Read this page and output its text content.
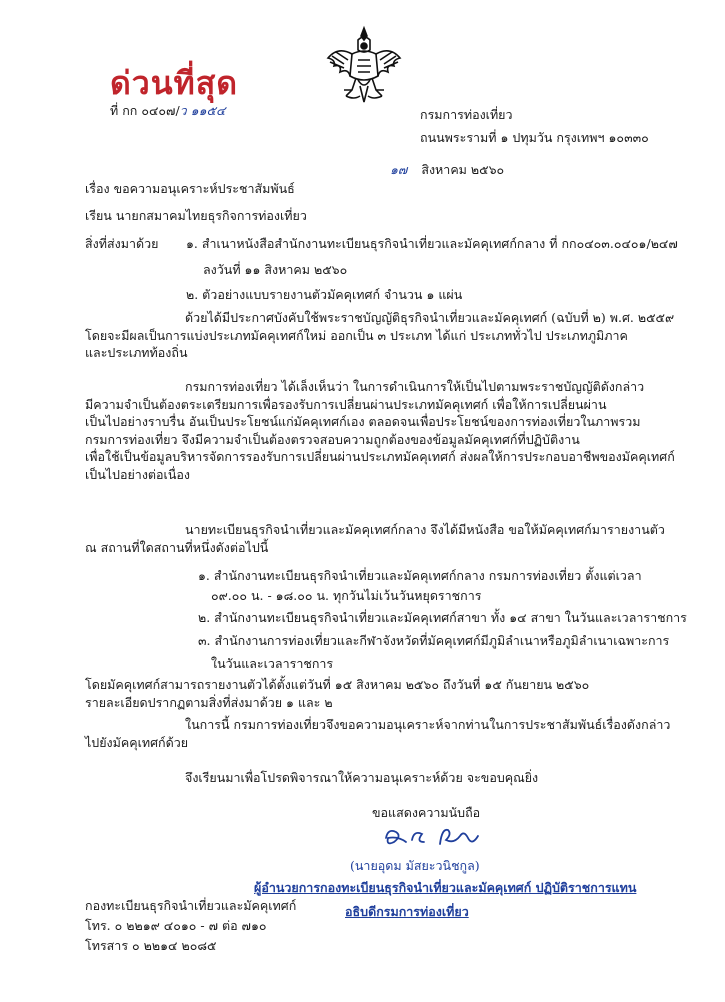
ด่วนที่สุด
ที่ กก ๐๔๐๗/ว ๑๑๕๔	กรมการท่องเที่ยว
ถนนพระรามที่ ๑ ปทุมวัน กรุงเทพฯ ๑๐๓๓๐
๑๗ สิงหาคม ๒๕๖๐
เรื่อง ขอความอนุเคราะห์ประชาสัมพันธ์
เรียน นายกสมาคมไทยธุรกิจการท่องเที่ยว
สิ่งที่ส่งมาด้วย ๑. สำเนาหนังสือสำนักงานทะเบียนธุรกิจนำเที่ยวและมัคคุเทศก์กลาง ที่ กก๐๔๐๓.๐๔๐๑/๒๔๗
ลงวันที่ ๑๑ สิงหาคม ๒๕๖๐
๒. ตัวอย่างแบบรายงานตัวมัคคุเทศก์ จำนวน ๑ แผ่น
ด้วยได้มีประกาศบังคับใช้พระราชบัญญัติธุรกิจนำเที่ยวและมัคคุเทศก์ (ฉบับที่ ๒) พ.ศ. ๒๕๕๙
โดยจะมีผลเป็นการแบ่งประเภทมัคคุเทศก์ใหม่ ออกเป็น ๓ ประเภท ได้แก่ ประเภททั่วไป ประเภทภูมิภาค
และประเภทท้องถิ่น
กรมการท่องเที่ยว ได้เล็งเห็นว่า ในการดำเนินการให้เป็นไปตามพระราชบัญญัติดังกล่าว
มีความจำเป็นต้องตระเตรียมการเพื่อรองรับการเปลี่ยนผ่านประเภทมัคคุเทศก์ เพื่อให้การเปลี่ยนผ่าน
เป็นไปอย่างราบรื่น อันเป็นประโยชน์แก่มัคคุเทศก์เอง ตลอดจนเพื่อประโยชน์ของการท่องเที่ยวในภาพรวม
กรมการท่องเที่ยว จึงมีความจำเป็นต้องตรวจสอบความถูกต้องของข้อมูลมัคคุเทศก์ที่ปฏิบัติงาน
เพื่อใช้เป็นข้อมูลบริหารจัดการรองรับการเปลี่ยนผ่านประเภทมัคคุเทศก์ ส่งผลให้การประกอบอาชีพของมัคคุเทศก์
เป็นไปอย่างต่อเนื่อง
นายทะเบียนธุรกิจนำเที่ยวและมัคคุเทศก์กลาง จึงได้มีหนังสือ ขอให้มัคคุเทศก์มารายงานตัว
ณ สถานที่ใดสถานที่หนึ่งดังต่อไปนี้
๑. สำนักงานทะเบียนธุรกิจนำเที่ยวและมัคคุเทศก์กลาง กรมการท่องเที่ยว ตั้งแต่เวลา
๐๙.๐๐ น. - ๑๘.๐๐ น. ทุกวันไม่เว้นวันหยุดราชการ
๒. สำนักงานทะเบียนธุรกิจนำเที่ยวและมัคคุเทศก์สาขา ทั้ง ๑๔ สาขา ในวันและเวลาราชการ
๓. สำนักงานการท่องเที่ยวและกีฬาจังหวัดที่มัคคุเทศก์มีภูมิลำเนาหรือภูมิลำเนาเฉพาะการ
ในวันและเวลาราชการ
โดยมัคคุเทศก์สามารถรายงานตัวได้ตั้งแต่วันที่ ๑๕ สิงหาคม ๒๕๖๐ ถึงวันที่ ๑๕ กันยายน ๒๕๖๐
รายละเอียดปรากฏตามสิ่งที่ส่งมาด้วย ๑ และ ๒
ในการนี้ กรมการท่องเที่ยวจึงขอความอนุเคราะห์จากท่านในการประชาสัมพันธ์เรื่องดังกล่าว
ไปยังมัคคุเทศก์ด้วย
จึงเรียนมาเพื่อโปรดพิจารณาให้ความอนุเคราะห์ด้วย จะขอบคุณยิ่ง
ขอแสดงความนับถือ
(นายอุดม มัสยะวนิชกูล)
ผู้อำนวยการกองทะเบียนธุรกิจนำเที่ยวและมัคคุเทศก์ ปฏิบัติราชการแทน
อธิบดีกรมการท่องเที่ยว
กองทะเบียนธุรกิจนำเที่ยวและมัคคุเทศก์
โทร. ๐ ๒๒๑๙ ๔๐๑๐ - ๗ ต่อ ๗๑๐
โทรสาร ๐ ๒๒๑๔ ๒๐๘๕
